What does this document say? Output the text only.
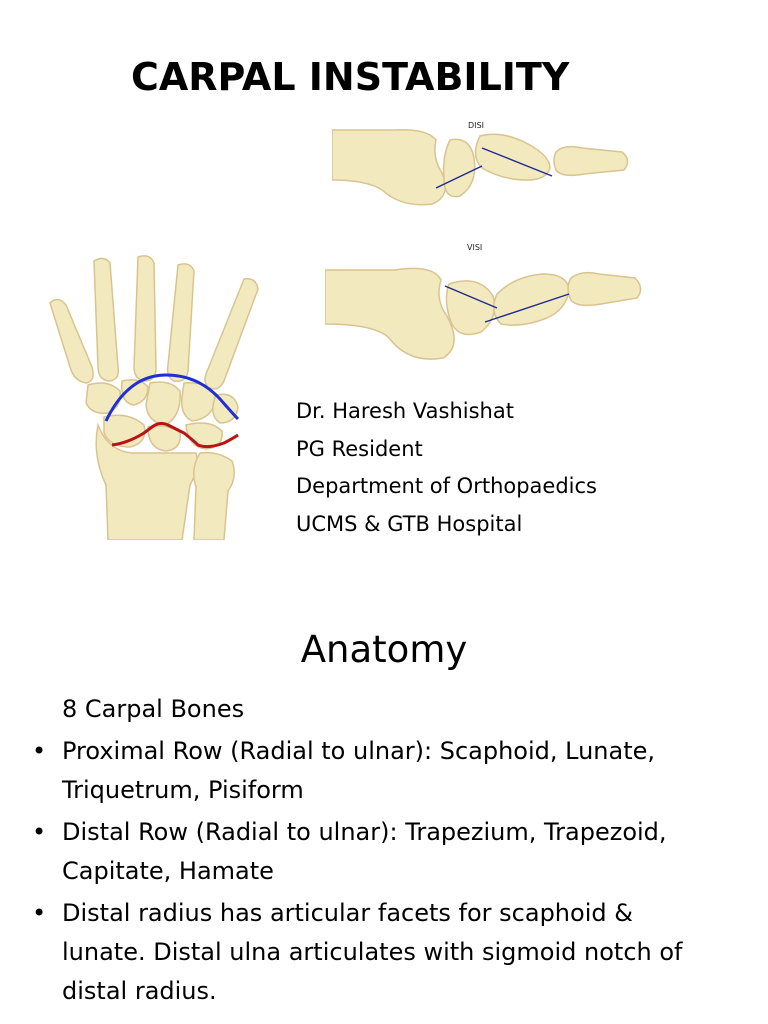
CARPAL INSTABILITY
DISI
VISI
Dr. Haresh Vashishat
PG Resident
Department of Orthopaedics
UCMS & GTB Hospital
Anatomy
8 Carpal Bones
• Proximal Row (Radial to ulnar): Scaphoid, Lunate, Triquetrum, Pisiform
• Distal Row (Radial to ulnar): Trapezium, Trapezoid, Capitate, Hamate
• Distal radius has articular facets for scaphoid & lunate. Distal ulna articulates with sigmoid notch of distal radius.
